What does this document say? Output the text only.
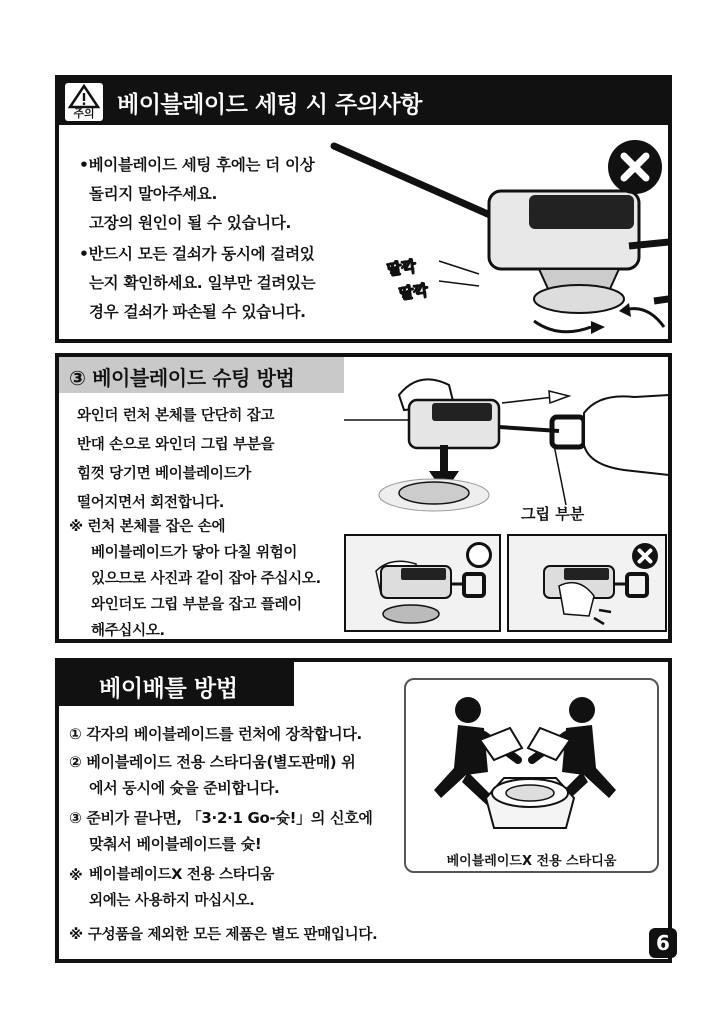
주의 베이블레이드 세팅 시 주의사항
•베이블레이드 세팅 후에는 더 이상
돌리지 말아주세요.
고장의 원인이 될 수 있습니다.
•반드시 모든 걸쇠가 동시에 걸려있
는지 확인하세요. 일부만 걸려있는
경우 걸쇠가 파손될 수 있습니다.
딸깍
딸깍
③ 베이블레이드 슈팅 방법
와인더 런처 본체를 단단히 잡고
반대 손으로 와인더 그립 부분을
힘껏 당기면 베이블레이드가
떨어지면서 회전합니다.
※ 런처 본체를 잡은 손에
베이블레이드가 닿아 다칠 위험이
있으므로 사진과 같이 잡아 주십시오.
와인더도 그립 부분을 잡고 플레이
해주십시오.
그립 부분
베이배틀 방법
① 각자의 베이블레이드를 런처에 장착합니다.
② 베이블레이드 전용 스타디움(별도판매) 위
에서 동시에 슛을 준비합니다.
③ 준비가 끝나면, 「3·2·1 Go-슛!」의 신호에
맞춰서 베이블레이드를 슛!
※ 베이블레이드X 전용 스타디움
외에는 사용하지 마십시오.
※ 구성품을 제외한 모든 제품은 별도 판매입니다.
베이블레이드X 전용 스타디움
6
